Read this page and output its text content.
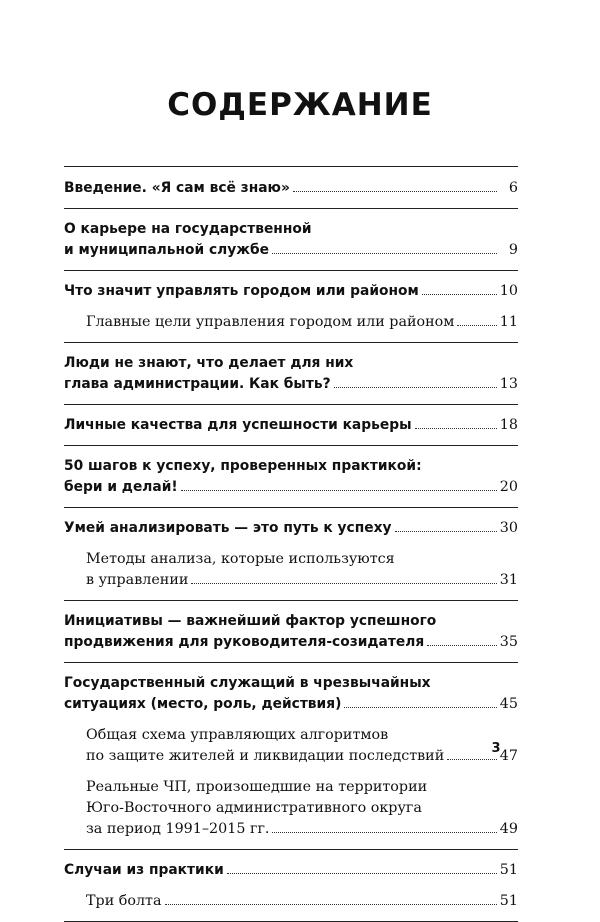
СОДЕРЖАНИЕ
Введение. «Я сам всё знаю»	6
О карьере на государственной
и муниципальной службе	9
Что значит управлять городом или районом	10
Главные цели управления городом или районом	11
Люди не знают, что делает для них
глава администрации. Как быть?	13
Личные качества для успешности карьеры	18
50 шагов к успеху, проверенных практикой:
бери и делай!	20
Умей анализировать — это путь к успеху	30
Методы анализа, которые используются
в управлении	31
Инициативы — важнейший фактор успешного
продвижения для руководителя-созидателя	35
Государственный служащий в чрезвычайных
ситуациях (место, роль, действия)	45
Общая схема управляющих алгоритмов
по защите жителей и ликвидации последствий	47
Реальные ЧП, произошедшие на территории
Юго-Восточного административного округа
за период 1991–2015 гг.	49
Случаи из практики	51
Три болта	51
3
